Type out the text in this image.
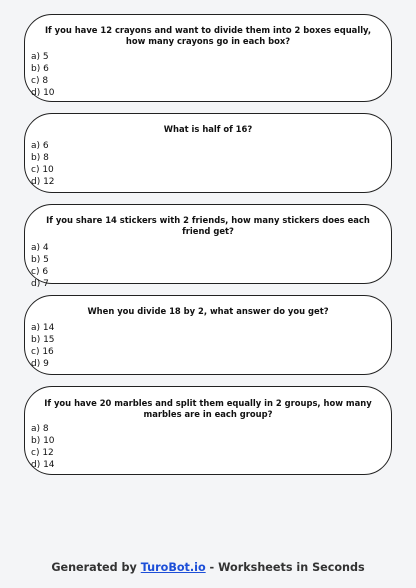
If you have 12 crayons and want to divide them into 2 boxes equally, how many crayons go in each box?
a) 5
b) 6
c) 8
d) 10
What is half of 16?
a) 6
b) 8
c) 10
d) 12
If you share 14 stickers with 2 friends, how many stickers does each friend get?
a) 4
b) 5
c) 6
d) 7
When you divide 18 by 2, what answer do you get?
a) 14
b) 15
c) 16
d) 9
If you have 20 marbles and split them equally in 2 groups, how many marbles are in each group?
a) 8
b) 10
c) 12
d) 14
Generated by TuroBot.io - Worksheets in Seconds
